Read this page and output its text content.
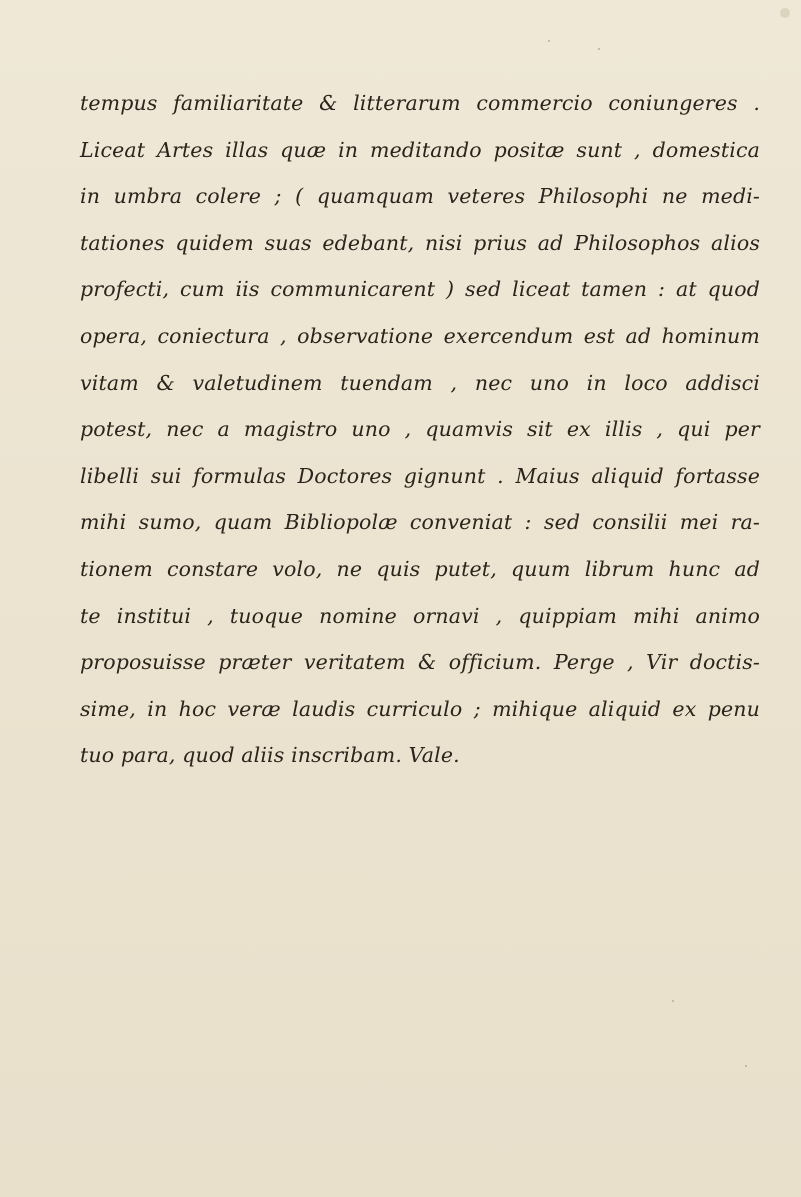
tempus familiaritate & litterarum commercio coniungeres .
Liceat Artes illas quæ in meditando positæ sunt , domestica
in umbra colere ; ( quamquam veteres Philosophi ne medi-
tationes quidem suas edebant, nisi prius ad Philosophos alios
profecti, cum iis communicarent ) sed liceat tamen : at quod
opera, coniectura , observatione exercendum est ad hominum
vitam & valetudinem tuendam , nec uno in loco addisci
potest, nec a magistro uno , quamvis sit ex illis , qui per
libelli sui formulas Doctores gignunt . Maius aliquid fortasse
mihi sumo, quam Bibliopolæ conveniat : sed consilii mei ra-
tionem constare volo, ne quis putet, quum librum hunc ad
te institui , tuoque nomine ornavi , quippiam mihi animo
proposuisse præter veritatem & officium. Perge , Vir doctis-
sime, in hoc veræ laudis curriculo ; mihique aliquid ex penu
tuo para, quod aliis inscribam. Vale.
